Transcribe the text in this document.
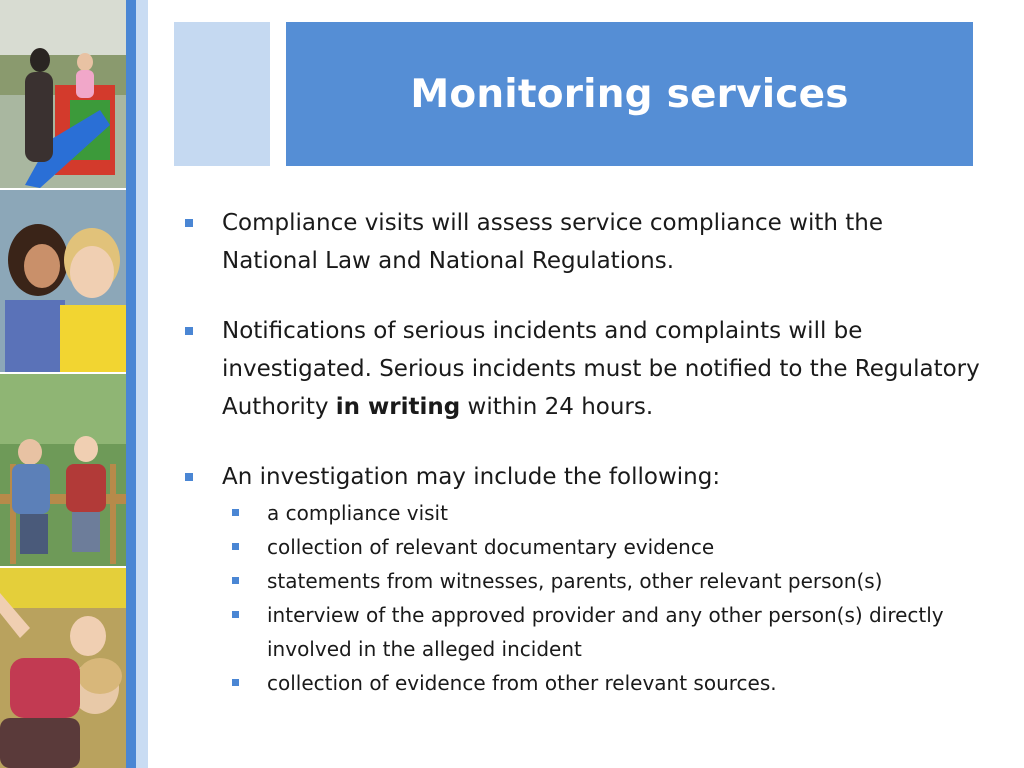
Monitoring services
Compliance visits will assess service compliance with the National Law and National Regulations.
Notifications of serious incidents and complaints will be investigated. Serious incidents must be notified to the Regulatory Authority in writing within 24 hours.
An investigation may include the following:
a compliance visit
collection of relevant documentary evidence
statements from witnesses, parents, other relevant person(s)
interview of the approved provider and any other person(s) directly involved in the alleged incident
collection of evidence from other relevant sources.
